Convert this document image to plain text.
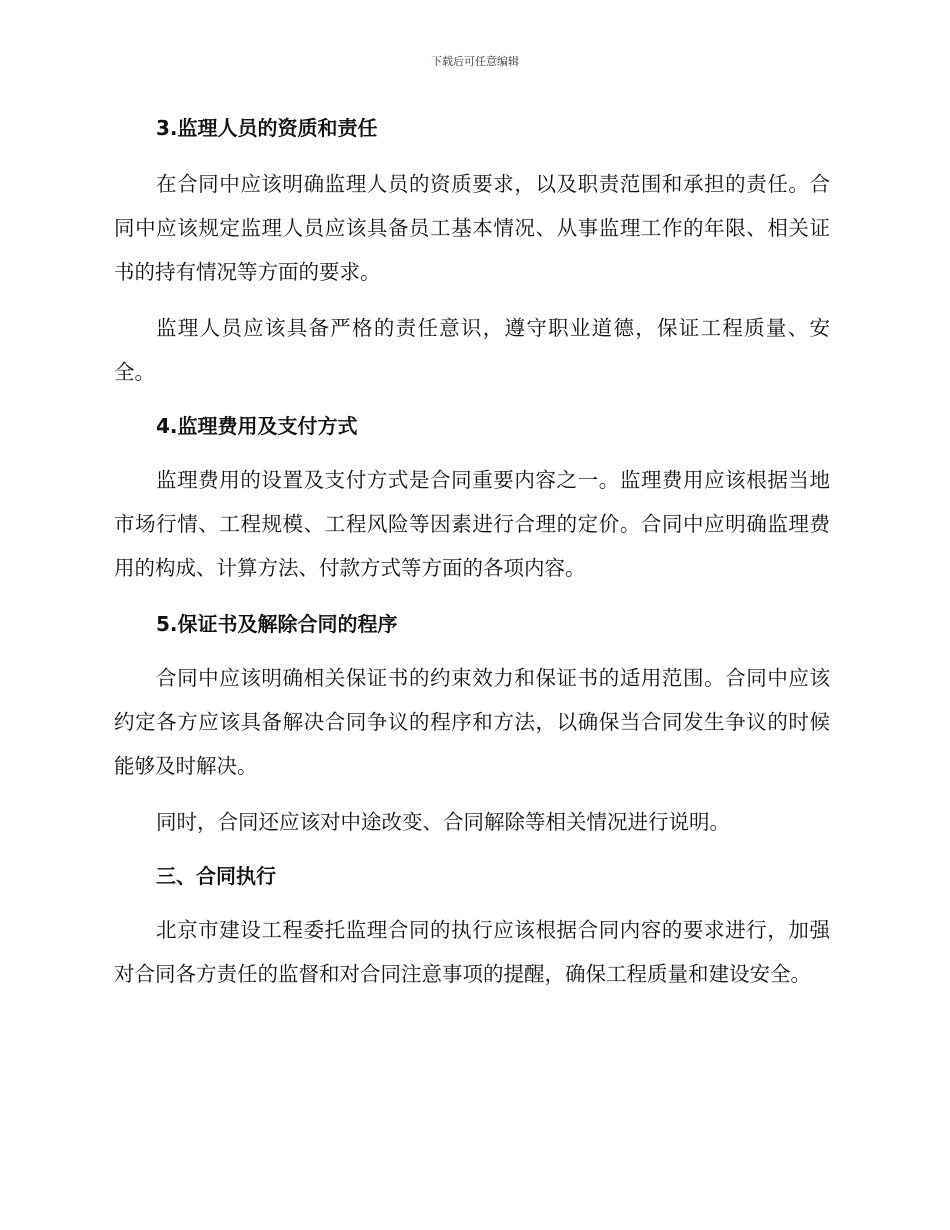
下载后可任意编辑
3.监理人员的资质和责任

在合同中应该明确监理人员的资质要求，以及职责范围和承担的责任。合同中应该规定监理人员应该具备员工基本情况、从事监理工作的年限、相关证书的持有情况等方面的要求。

监理人员应该具备严格的责任意识，遵守职业道德，保证工程质量、安全。

4.监理费用及支付方式

监理费用的设置及支付方式是合同重要内容之一。监理费用应该根据当地市场行情、工程规模、工程风险等因素进行合理的定价。合同中应明确监理费用的构成、计算方法、付款方式等方面的各项内容。

5.保证书及解除合同的程序

合同中应该明确相关保证书的约束效力和保证书的适用范围。合同中应该约定各方应该具备解决合同争议的程序和方法，以确保当合同发生争议的时候能够及时解决。

同时，合同还应该对中途改变、合同解除等相关情况进行说明。

三、合同执行

北京市建设工程委托监理合同的执行应该根据合同内容的要求进行，加强对合同各方责任的监督和对合同注意事项的提醒，确保工程质量和建设安全。
